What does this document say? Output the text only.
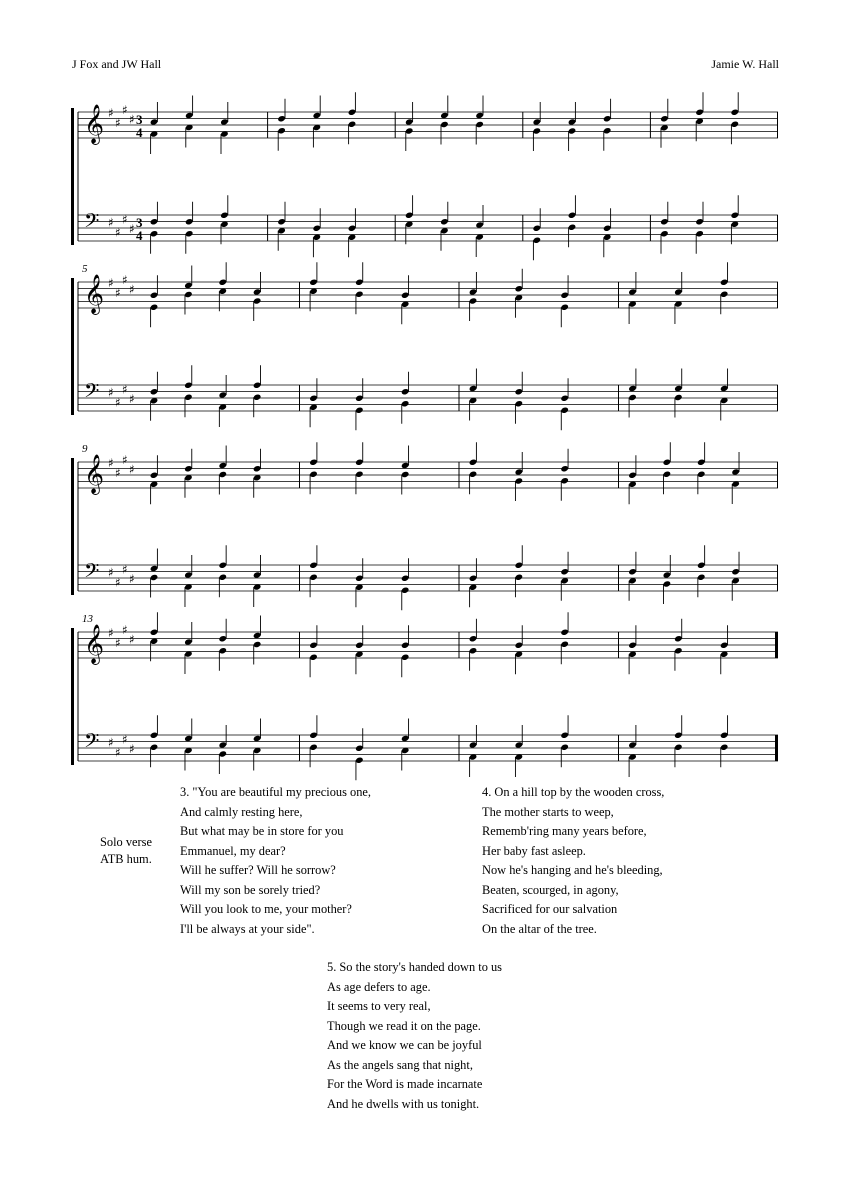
J Fox and JW Hall	Jamie W. Hall
𝄞 ♯
♯
♯
♯
𝄢 ♯
♯
♯
♯
3
4
3
4
𝄞 ♯
♯
♯
♯
𝄢 ♯
♯
♯
♯
5
𝄞 ♯
♯
♯
♯
𝄢 ♯
♯
♯
♯
9
𝄞 ♯
♯
♯
♯
𝄢 ♯
♯
♯
♯
13
Solo verse
ATB hum.
3. "You are beautiful my precious one,
And calmly resting here,
But what may be in store for you
Emmanuel, my dear?
Will he suffer? Will he sorrow?
Will my son be sorely tried?
Will you look to me, your mother?
I'll be always at your side".
4. On a hill top by the wooden cross,
The mother starts to weep,
Rememb'ring many years before,
Her baby fast asleep.
Now he's hanging and he's bleeding,
Beaten, scourged, in agony,
Sacrificed for our salvation
On the altar of the tree.
5. So the story's handed down to us
As age defers to age.
It seems to very real,
Though we read it on the page.
And we know we can be joyful
As the angels sang that night,
For the Word is made incarnate
And he dwells with us tonight.
